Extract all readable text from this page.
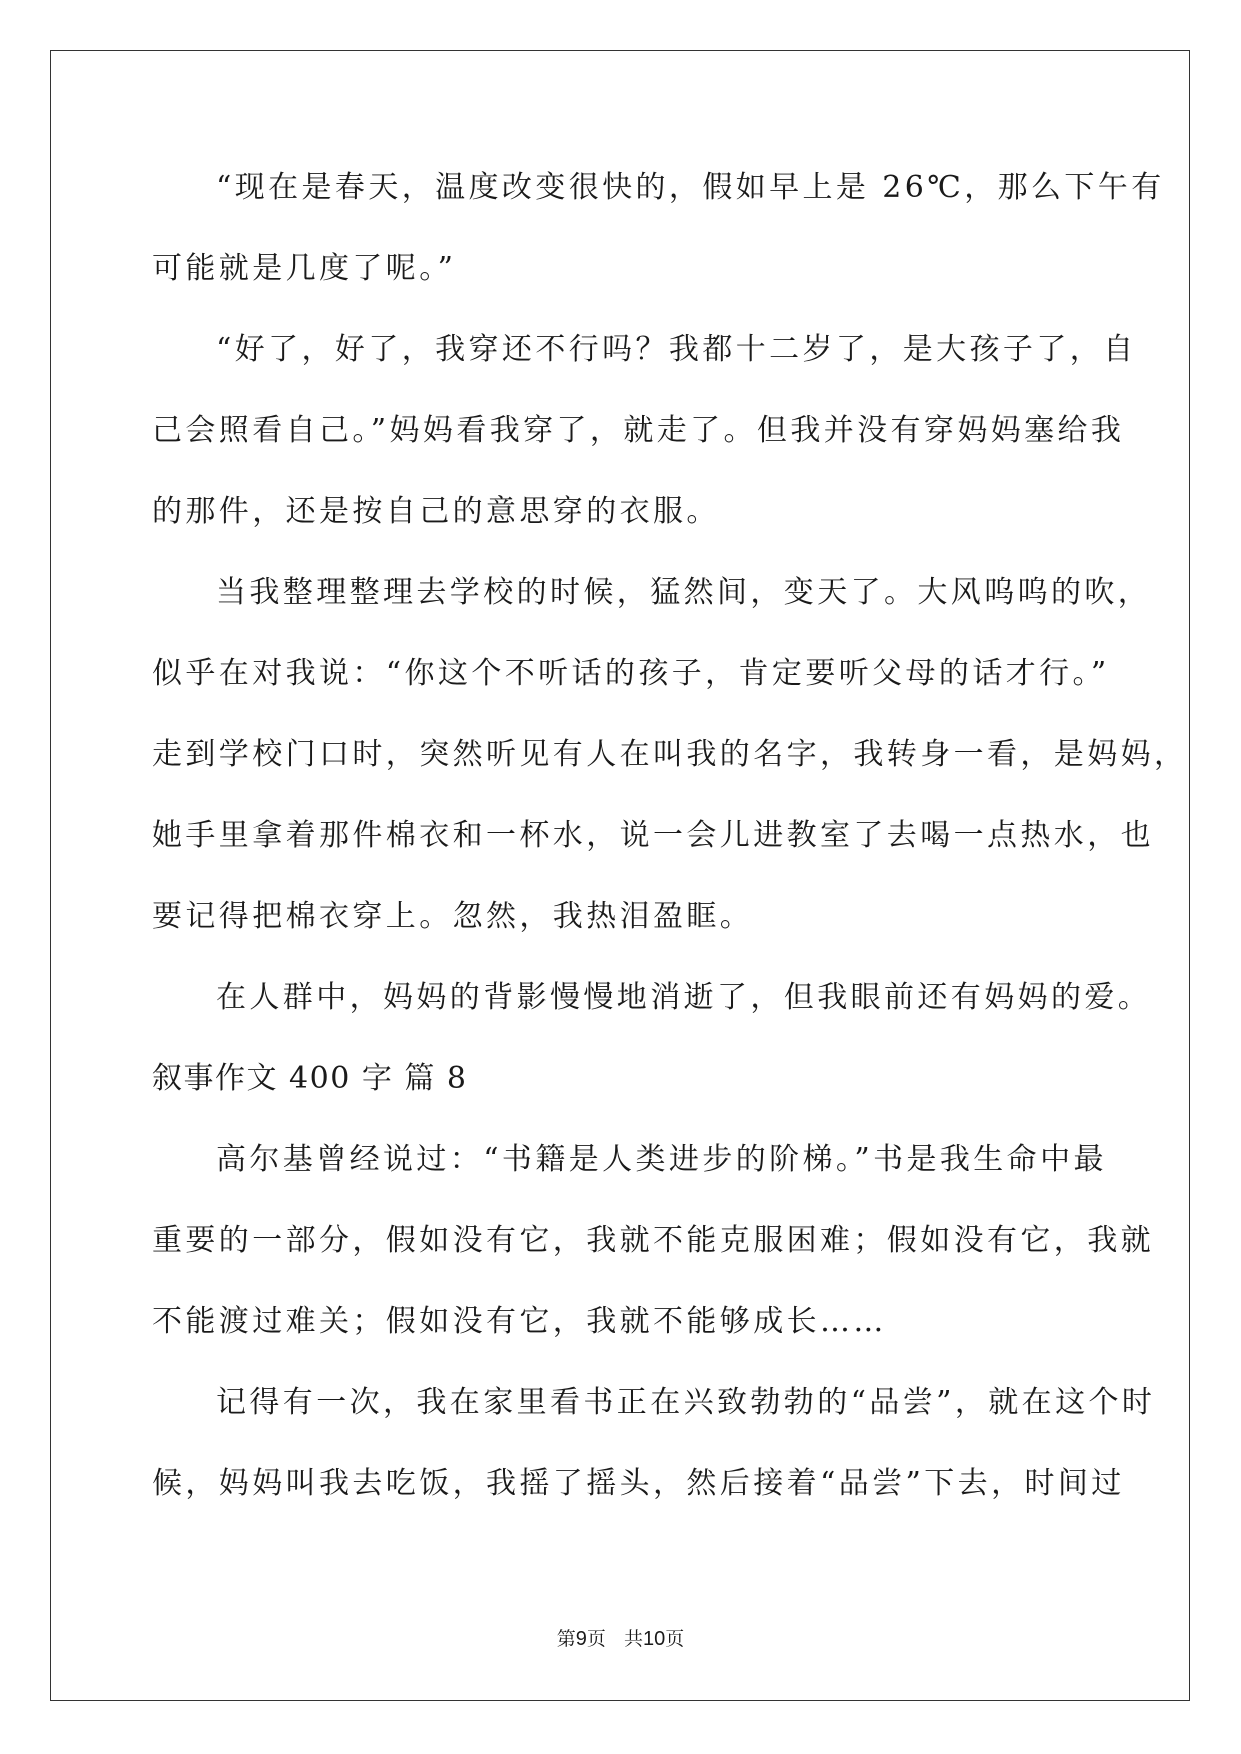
“现在是春天，温度改变很快的，假如早上是 26℃，那么下午有
可能就是几度了呢。”
“好了，好了，我穿还不行吗？我都十二岁了，是大孩子了，自
己会照看自己。”妈妈看我穿了，就走了。但我并没有穿妈妈塞给我
的那件，还是按自己的意思穿的衣服。
当我整理整理去学校的时候，猛然间，变天了。大风呜呜的吹，
似乎在对我说：“你这个不听话的孩子，肯定要听父母的话才行。”
走到学校门口时，突然听见有人在叫我的名字，我转身一看，是妈妈，
她手里拿着那件棉衣和一杯水，说一会儿进教室了去喝一点热水，也
要记得把棉衣穿上。忽然，我热泪盈眶。
在人群中，妈妈的背影慢慢地消逝了，但我眼前还有妈妈的爱。
叙事作文 400 字 篇 8
高尔基曾经说过：“书籍是人类进步的阶梯。”书是我生命中最
重要的一部分，假如没有它，我就不能克服困难；假如没有它，我就
不能渡过难关；假如没有它，我就不能够成长……
记得有一次，我在家里看书正在兴致勃勃的“品尝”，就在这个时
候，妈妈叫我去吃饭，我摇了摇头，然后接着“品尝”下去，时间过
第9页 共10页
